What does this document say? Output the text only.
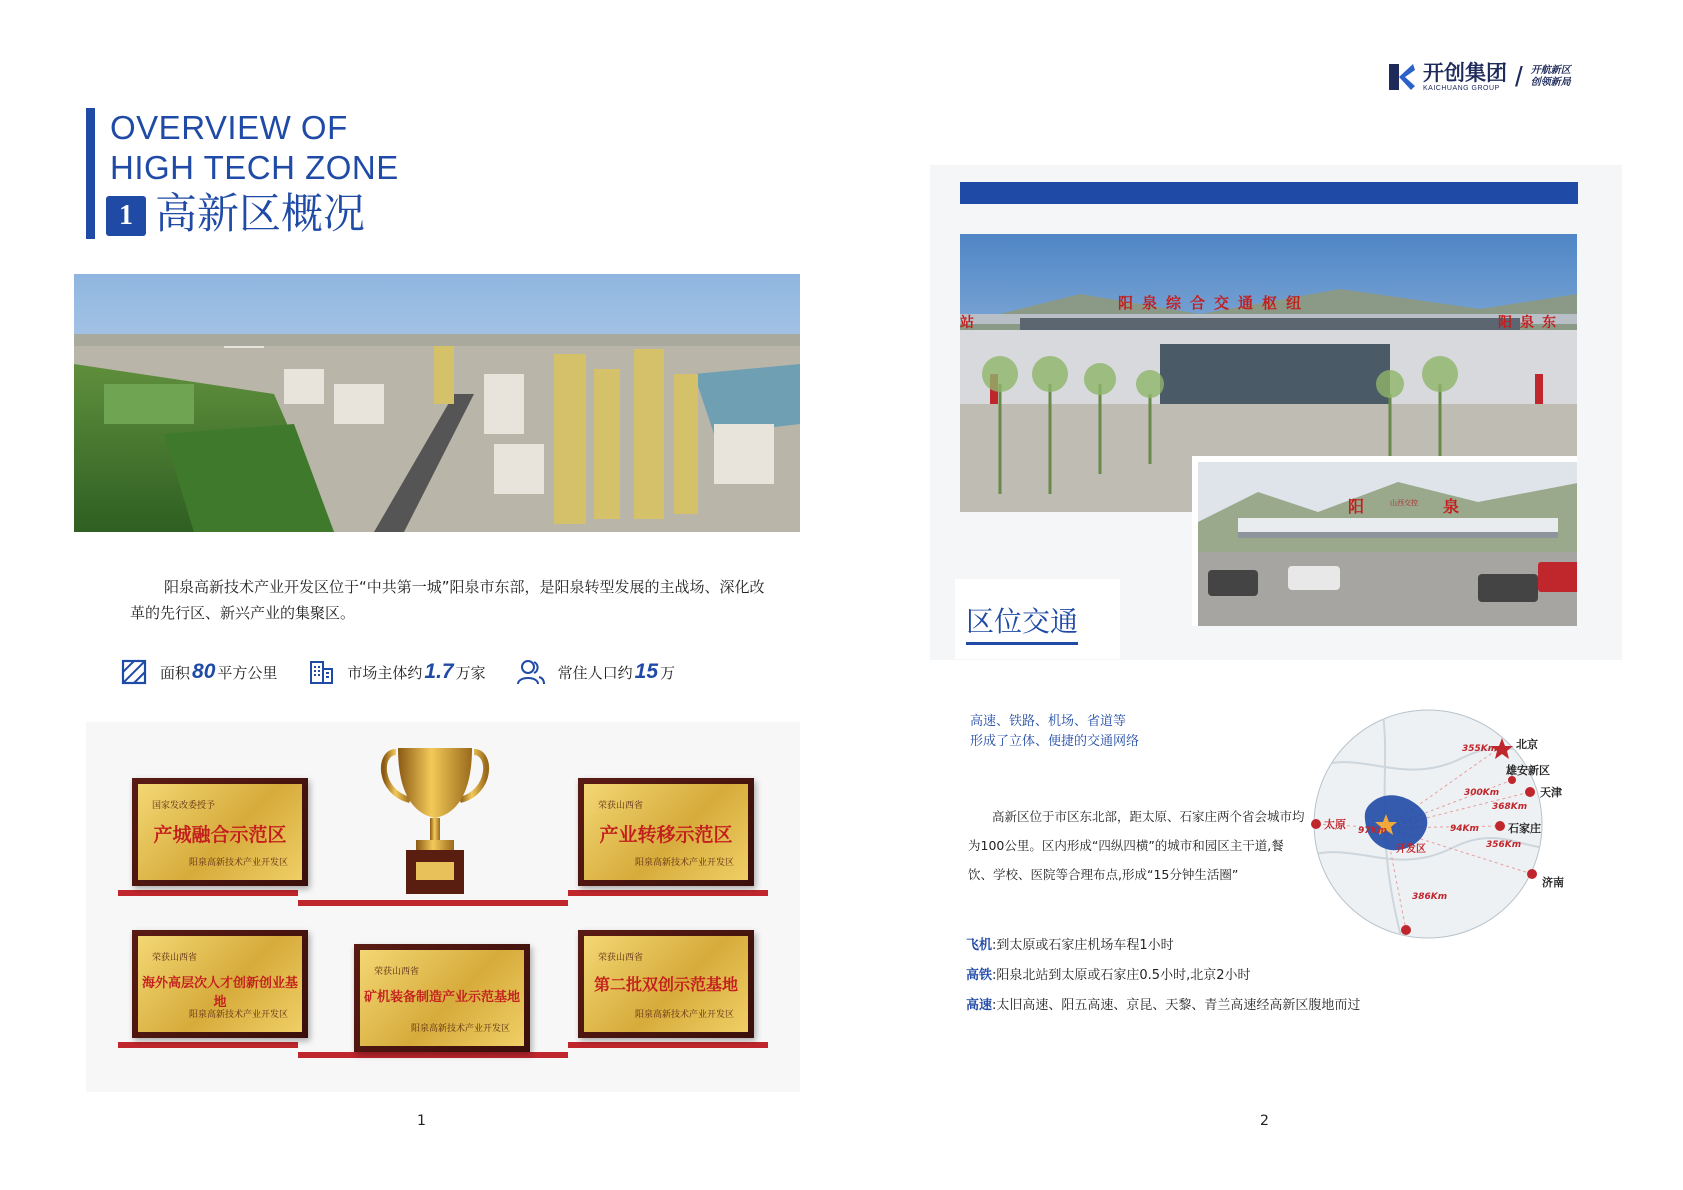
OVERVIEW OF
HIGH TECH ZONE
1 高新区概况
阳泉高新技术产业开发区位于“中共第一城”阳泉市东部，是阳泉转型发展的主战场、深化改革的先行区、新兴产业的集聚区。
面积 80 平方公里	市场主体约 1.7 万家	常住人口约 15 万
国家发改委授予
产城融合示范区
阳泉高新技术产业开发区
荣获山西省
产业转移示范区
阳泉高新技术产业开发区
荣获山西省
海外高层次人才创新创业基地
阳泉高新技术产业开发区
荣获山西省
矿机装备制造产业示范基地
阳泉高新技术产业开发区
荣获山西省
第二批双创示范基地
阳泉高新技术产业开发区
1
开创集团
KAICHUANG GROUP / 开航新区
创领新局
阳泉综合交通枢纽
站	阳泉东
阳	山西交控 泉
区位交通
高速、铁路、机场、省道等
形成了立体、便捷的交通网络
高新区位于市区东北部，距太原、石家庄两个省会城市均为100公里。区内形成“四纵四横”的城市和园区主干道,餐饮、学校、医院等合理布点,形成“15分钟生活圈”
飞机:到太原或石家庄机场车程1小时
高铁:阳泉北站到太原或石家庄0.5小时,北京2小时
高速:太旧高速、阳五高速、京昆、天黎、青兰高速经高新区腹地而过
北京
雄安新区
天津
石家庄
太原
济南
开发区
355Km
300Km
368Km
356Km
97Km	94Km
386Km
2
